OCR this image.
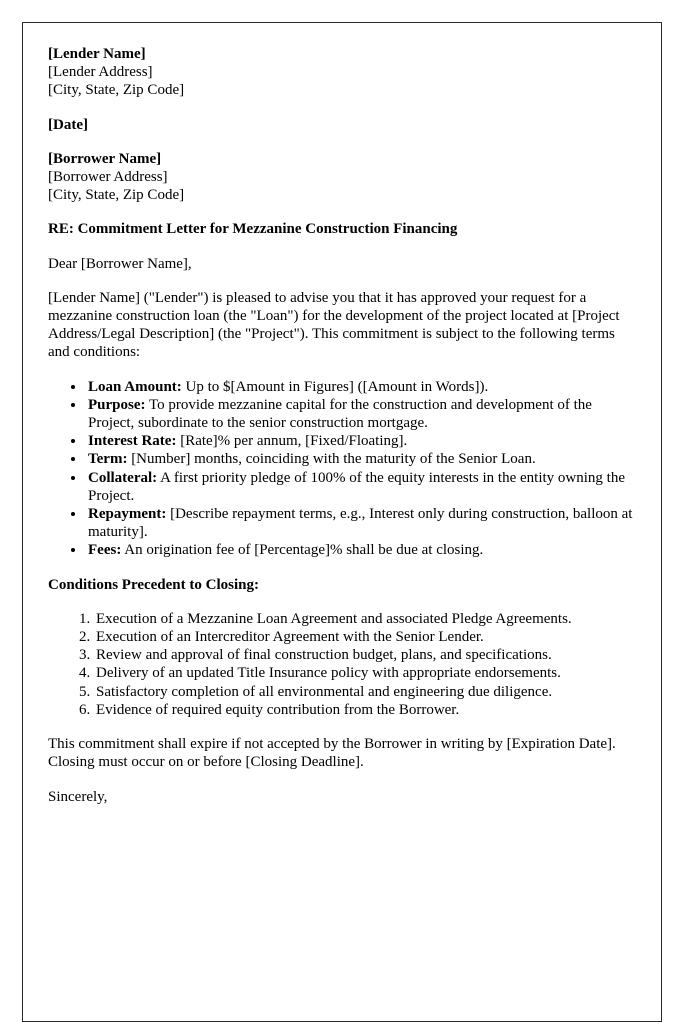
[Lender Name]
[Lender Address]
[City, State, Zip Code]
[Date]
[Borrower Name]
[Borrower Address]
[City, State, Zip Code]
RE: Commitment Letter for Mezzanine Construction Financing
Dear [Borrower Name],
[Lender Name] ("Lender") is pleased to advise you that it has approved your request for a mezzanine construction loan (the "Loan") for the development of the project located at [Project Address/Legal Description] (the "Project"). This commitment is subject to the following terms and conditions:
• Loan Amount: Up to $[Amount in Figures] ([Amount in Words]).
• Purpose: To provide mezzanine capital for the construction and development of the Project, subordinate to the senior construction mortgage.
• Interest Rate: [Rate]% per annum, [Fixed/Floating].
• Term: [Number] months, coinciding with the maturity of the Senior Loan.
• Collateral: A first priority pledge of 100% of the equity interests in the entity owning the Project.
• Repayment: [Describe repayment terms, e.g., Interest only during construction, balloon at maturity].
• Fees: An origination fee of [Percentage]% shall be due at closing.
Conditions Precedent to Closing:
1. Execution of a Mezzanine Loan Agreement and associated Pledge Agreements.
2. Execution of an Intercreditor Agreement with the Senior Lender.
3. Review and approval of final construction budget, plans, and specifications.
4. Delivery of an updated Title Insurance policy with appropriate endorsements.
5. Satisfactory completion of all environmental and engineering due diligence.
6. Evidence of required equity contribution from the Borrower.
This commitment shall expire if not accepted by the Borrower in writing by [Expiration Date]. Closing must occur on or before [Closing Deadline].
Sincerely,
